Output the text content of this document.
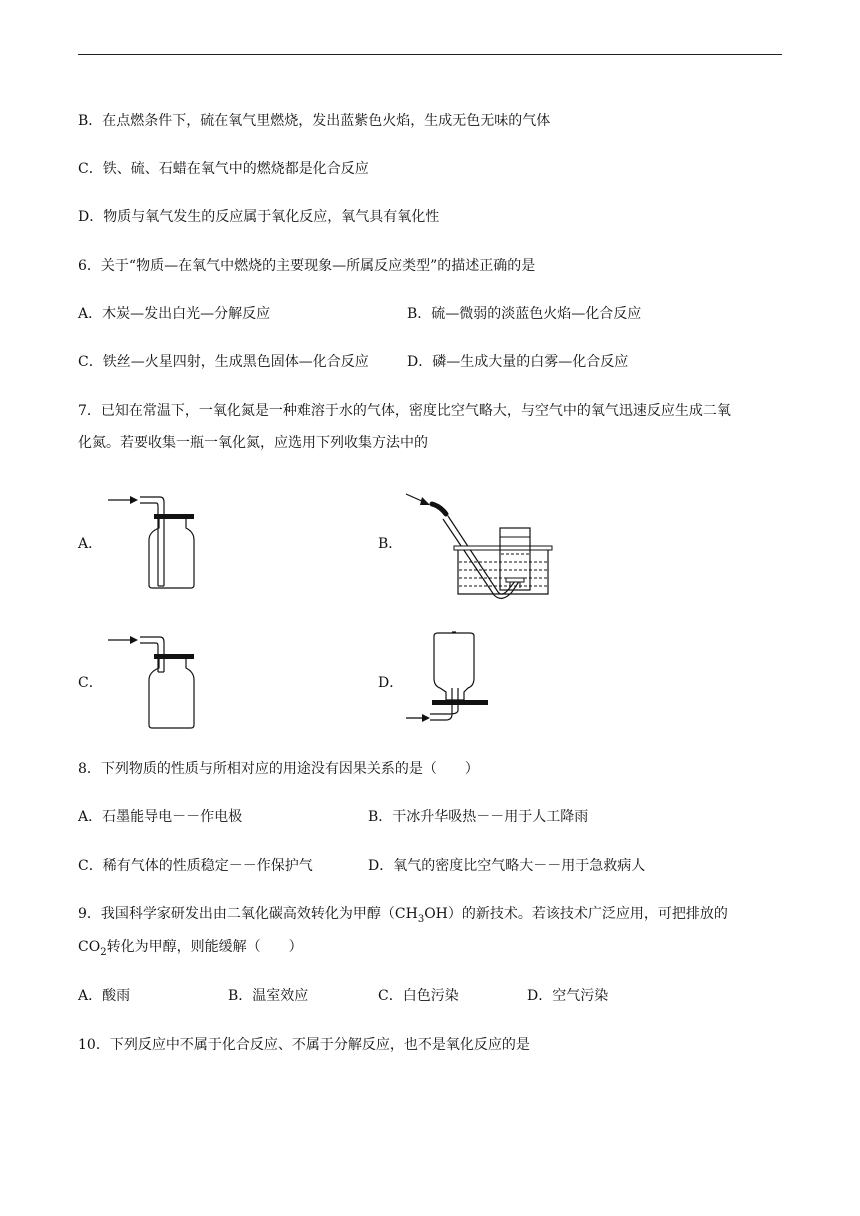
B．在点燃条件下，硫在氧气里燃烧，发出蓝紫色火焰，生成无色无味的气体
C．铁、硫、石蜡在氧气中的燃烧都是化合反应
D．物质与氧气发生的反应属于氧化反应，氧气具有氧化性
6．关于“物质—在氧气中燃烧的主要现象—所属反应类型”的描述正确的是
A．木炭—发出白光—分解反应	B．硫—微弱的淡蓝色火焰—化合反应
C．铁丝—火星四射，生成黑色固体—化合反应	D．磷—生成大量的白雾—化合反应
7．已知在常温下，一氧化氮是一种难溶于水的气体，密度比空气略大，与空气中的氧气迅速反应生成二氧
化氮。若要收集一瓶一氧化氮，应选用下列收集方法中的
A．	B．
C．	D．
8．下列物质的性质与所相对应的用途没有因果关系的是（　　）
A．石墨能导电－－作电极	B．干冰升华吸热－－用于人工降雨
C．稀有气体的性质稳定－－作保护气	D．氧气的密度比空气略大－－用于急救病人
9．我国科学家研发出由二氧化碳高效转化为甲醇$(CH_3OH)$的新技术。若该技术广泛应用，可把排放的
$CO_2$转化为甲醇，则能缓解（　　）
A．酸雨	B．温室效应	C．白色污染	D．空气污染
10．下列反应中不属于化合反应、不属于分解反应，也不是氧化反应的是
